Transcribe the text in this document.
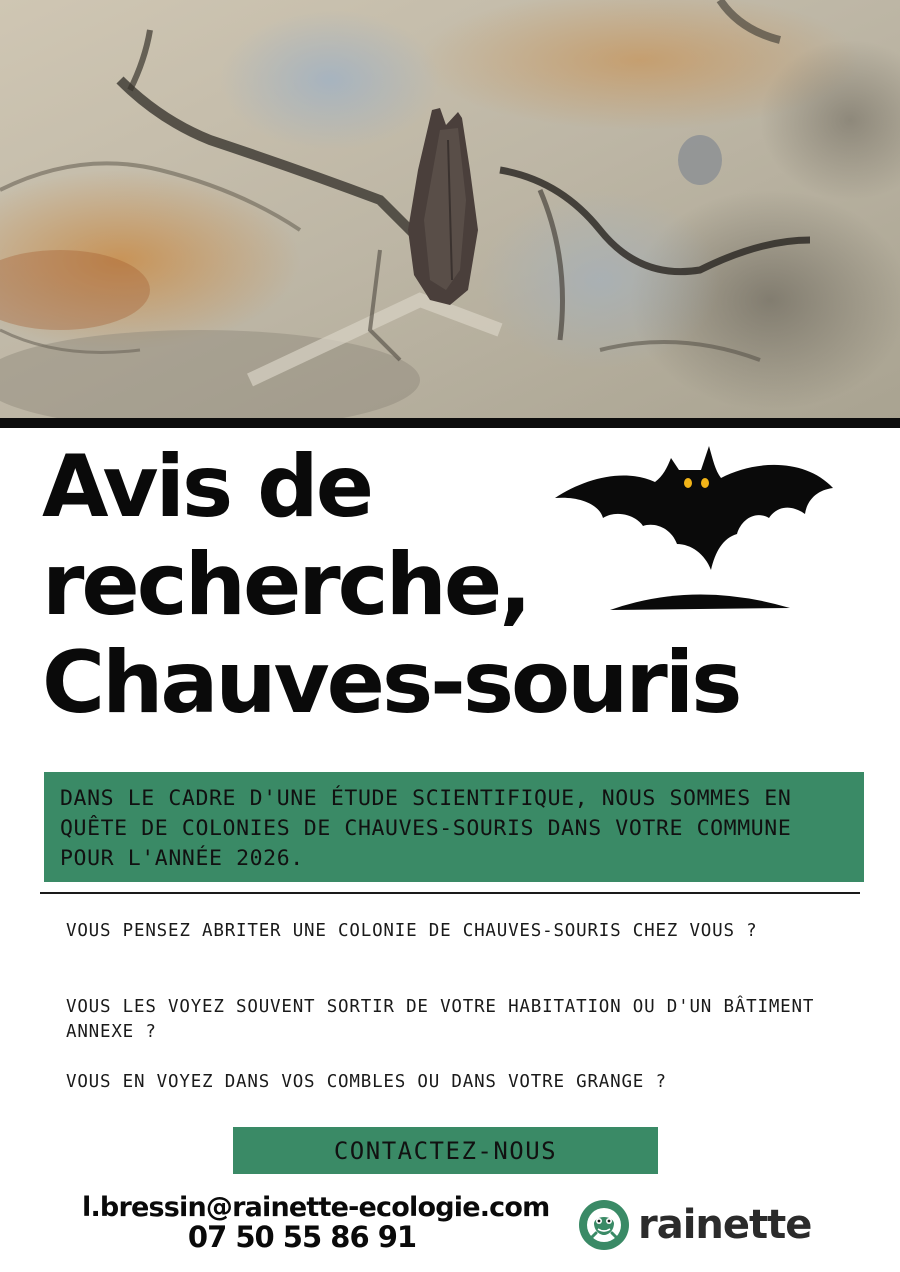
Avis de
recherche,
Chauves-souris

DANS LE CADRE D'UNE ÉTUDE SCIENTIFIQUE, NOUS SOMMES EN QUÊTE DE COLONIES DE CHAUVES-SOURIS DANS VOTRE COMMUNE POUR L'ANNÉE 2026.

VOUS PENSEZ ABRITER UNE COLONIE DE CHAUVES-SOURIS CHEZ VOUS ?

VOUS LES VOYEZ SOUVENT SORTIR DE VOTRE HABITATION OU D'UN BÂTIMENT ANNEXE ?

VOUS EN VOYEZ DANS VOS COMBLES OU DANS VOTRE GRANGE ?

CONTACTEZ-NOUS
l.bressin@rainette-ecologie.com
07 50 55 86 91	rainette
